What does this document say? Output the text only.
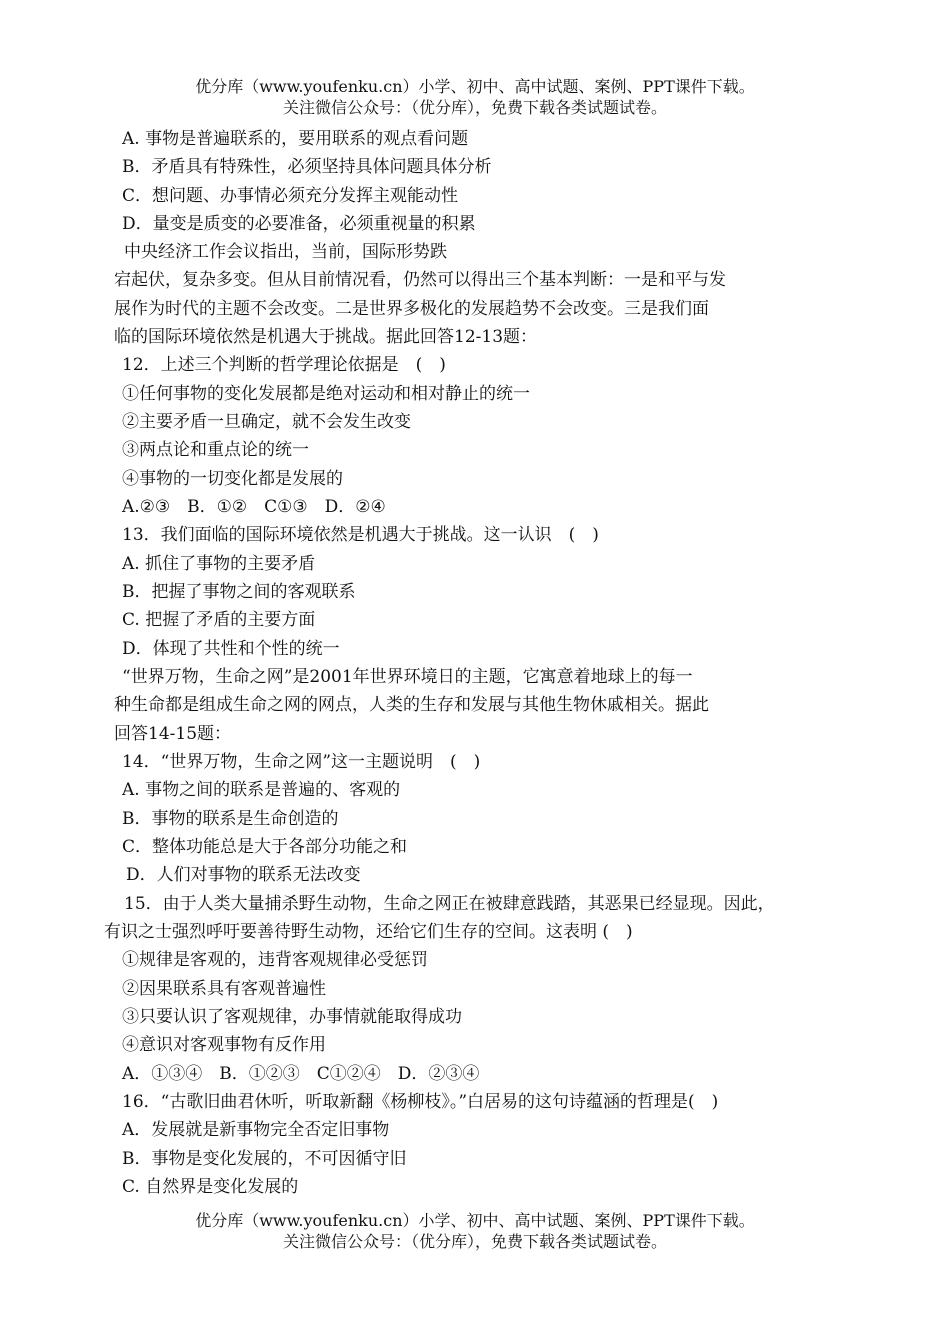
优分库（www.youfenku.cn）小学、初中、高中试题、案例、PPT课件下载。
关注微信公众号：（优分库），免费下载各类试题试卷。
A. 事物是普遍联系的，要用联系的观点看问题
B．矛盾具有特殊性，必须坚持具体问题具体分析
C．想问题、办事情必须充分发挥主观能动性
D．量变是质变的必要准备，必须重视量的积累
中央经济工作会议指出，当前，国际形势跌
宕起伏，复杂多变。但从目前情况看，仍然可以得出三个基本判断：一是和平与发
展作为时代的主题不会改变。二是世界多极化的发展趋势不会改变。三是我们面
临的国际环境依然是机遇大于挑战。据此回答12-13题：
12．上述三个判断的哲学理论依据是　(　)
①任何事物的变化发展都是绝对运动和相对静止的统一
②主要矛盾一旦确定，就不会发生改变
③两点论和重点论的统一
④事物的一切变化都是发展的
A.②③　B．①②　C①③　D．②④
13．我们面临的国际环境依然是机遇大于挑战。这一认识　(　)
A. 抓住了事物的主要矛盾
B．把握了事物之间的客观联系
C. 把握了矛盾的主要方面
D．体现了共性和个性的统一
“世界万物，生命之网”是2001年世界环境日的主题，它寓意着地球上的每一
种生命都是组成生命之网的网点，人类的生存和发展与其他生物休戚相关。据此
回答14-15题：
14．“世界万物，生命之网”这一主题说明　(　)
A. 事物之间的联系是普遍的、客观的
B．事物的联系是生命创造的
C．整体功能总是大于各部分功能之和
D．人们对事物的联系无法改变
15．由于人类大量捕杀野生动物，生命之网正在被肆意践踏，其恶果已经显现。因此，
有识之士强烈呼吁要善待野生动物，还给它们生存的空间。这表明 (　)
①规律是客观的，违背客观规律必受惩罚
②因果联系具有客观普遍性
③只要认识了客观规律，办事情就能取得成功
④意识对客观事物有反作用
A．①③④　B．①②③　C①②④　D．②③④
16．“古歌旧曲君休听，听取新翻《杨柳枝》。”白居易的这句诗蕴涵的哲理是(　)
A．发展就是新事物完全否定旧事物
B．事物是变化发展的，不可因循守旧
C. 自然界是变化发展的
优分库（www.youfenku.cn）小学、初中、高中试题、案例、PPT课件下载。
关注微信公众号：（优分库），免费下载各类试题试卷。
